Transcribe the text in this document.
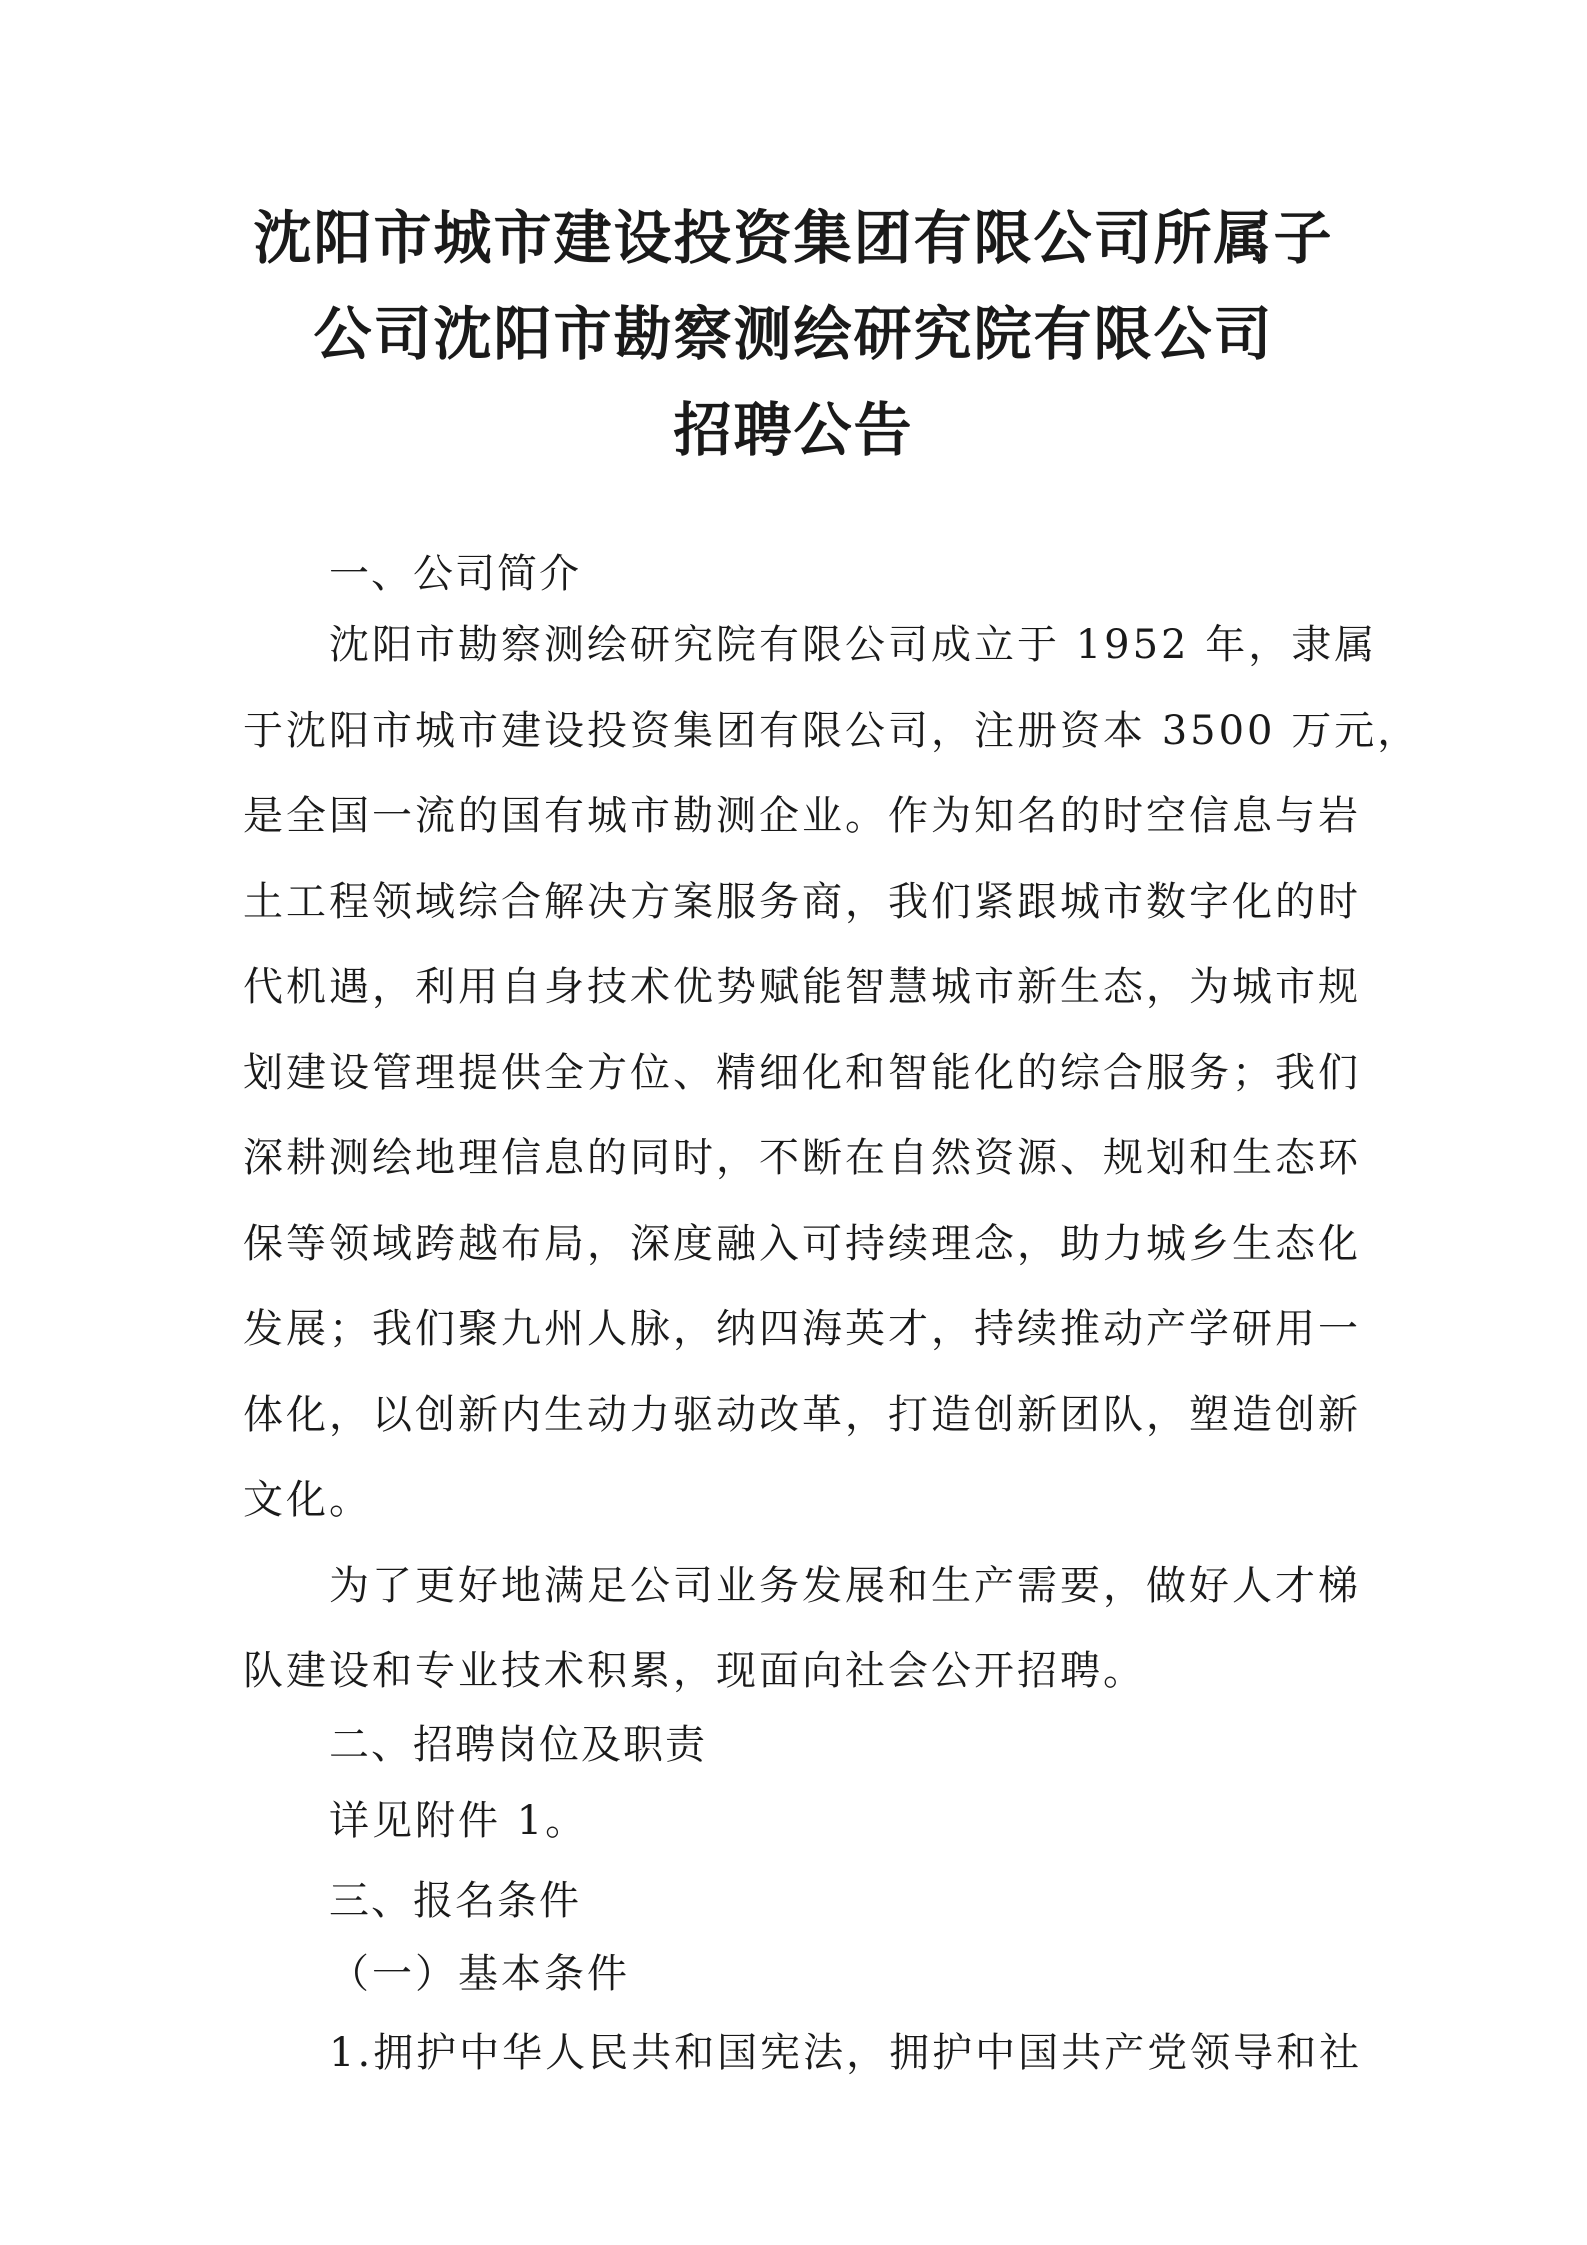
沈阳市城市建设投资集团有限公司所属子
公司沈阳市勘察测绘研究院有限公司
招聘公告
一、公司简介
沈阳市勘察测绘研究院有限公司成立于 1952 年，隶属
于沈阳市城市建设投资集团有限公司，注册资本 3500 万元，
是全国一流的国有城市勘测企业。作为知名的时空信息与岩
土工程领域综合解决方案服务商，我们紧跟城市数字化的时
代机遇，利用自身技术优势赋能智慧城市新生态，为城市规
划建设管理提供全方位、精细化和智能化的综合服务；我们
深耕测绘地理信息的同时，不断在自然资源、规划和生态环
保等领域跨越布局，深度融入可持续理念，助力城乡生态化
发展；我们聚九州人脉，纳四海英才，持续推动产学研用一
体化，以创新内生动力驱动改革，打造创新团队，塑造创新
文化。
为了更好地满足公司业务发展和生产需要，做好人才梯
队建设和专业技术积累，现面向社会公开招聘。
二、招聘岗位及职责
详见附件 1。
三、报名条件
（一）基本条件
1.拥护中华人民共和国宪法，拥护中国共产党领导和社
